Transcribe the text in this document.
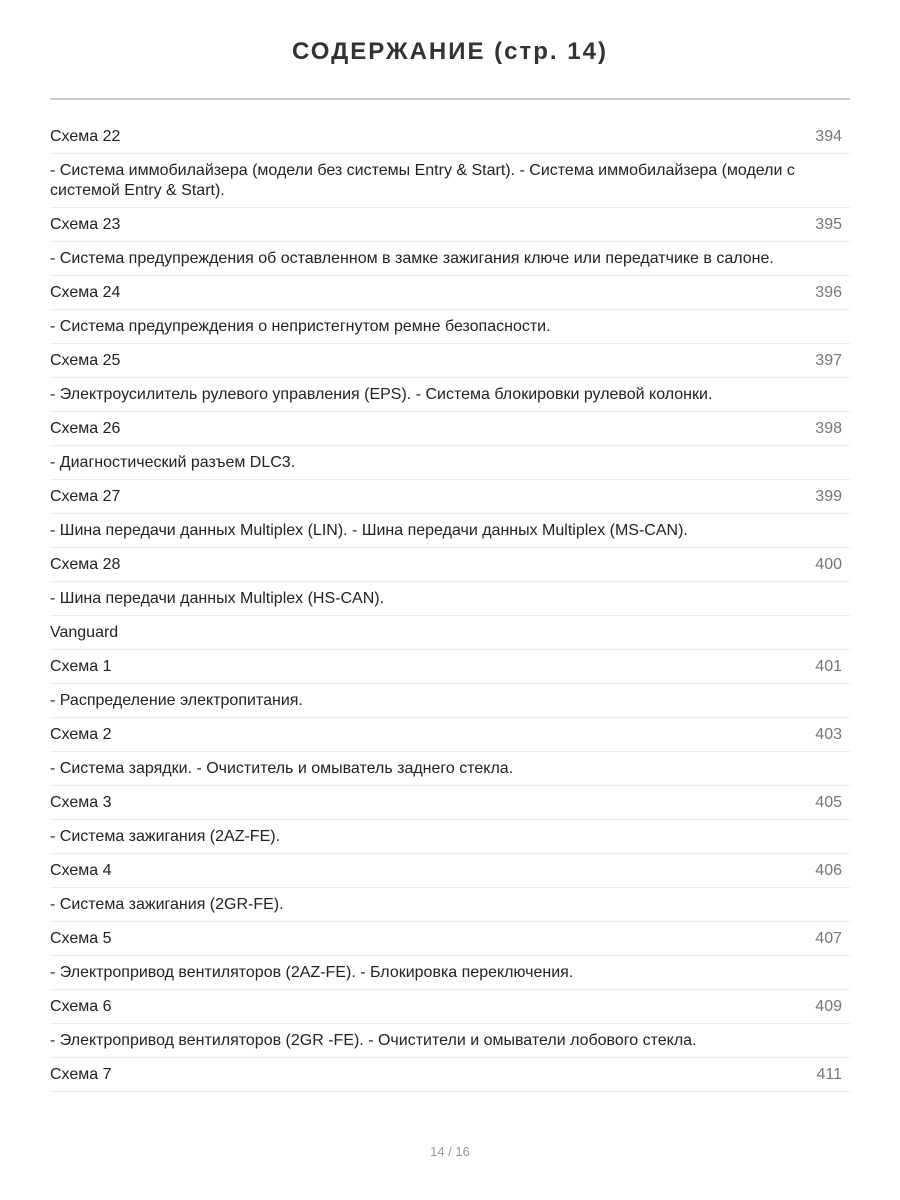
СОДЕРЖАНИЕ (стр. 14)
Схема 22	394
- Система иммобилайзера (модели без системы Entry & Start). - Система иммобилайзера (модели с системой Entry & Start).
Схема 23	395
- Система предупреждения об оставленном в замке зажигания ключе или передатчике в салоне.
Схема 24	396
- Система предупреждения о непристегнутом ремне безопасности.
Схема 25	397
- Электроусилитель рулевого управления (EPS). - Система блокировки рулевой колонки.
Схема 26	398
- Диагностический разъем DLC3.
Схема 27	399
- Шина передачи данных Multiplex (LIN). - Шина передачи данных Multiplex (MS-CAN).
Схема 28	400
- Шина передачи данных Multiplex (HS-CAN).
Vanguard
Схема 1	401
- Распределение электропитания.
Схема 2	403
- Система зарядки. - Очиститель и омыватель заднего стекла.
Схема 3	405
- Система зажигания (2AZ-FE).
Схема 4	406
- Система зажигания (2GR-FE).
Схема 5	407
- Электропривод вентиляторов (2AZ-FE). - Блокировка переключения.
Схема 6	409
- Электропривод вентиляторов (2GR -FE). - Очистители и омыватели лобового стекла.
Схема 7	411
14 / 16
